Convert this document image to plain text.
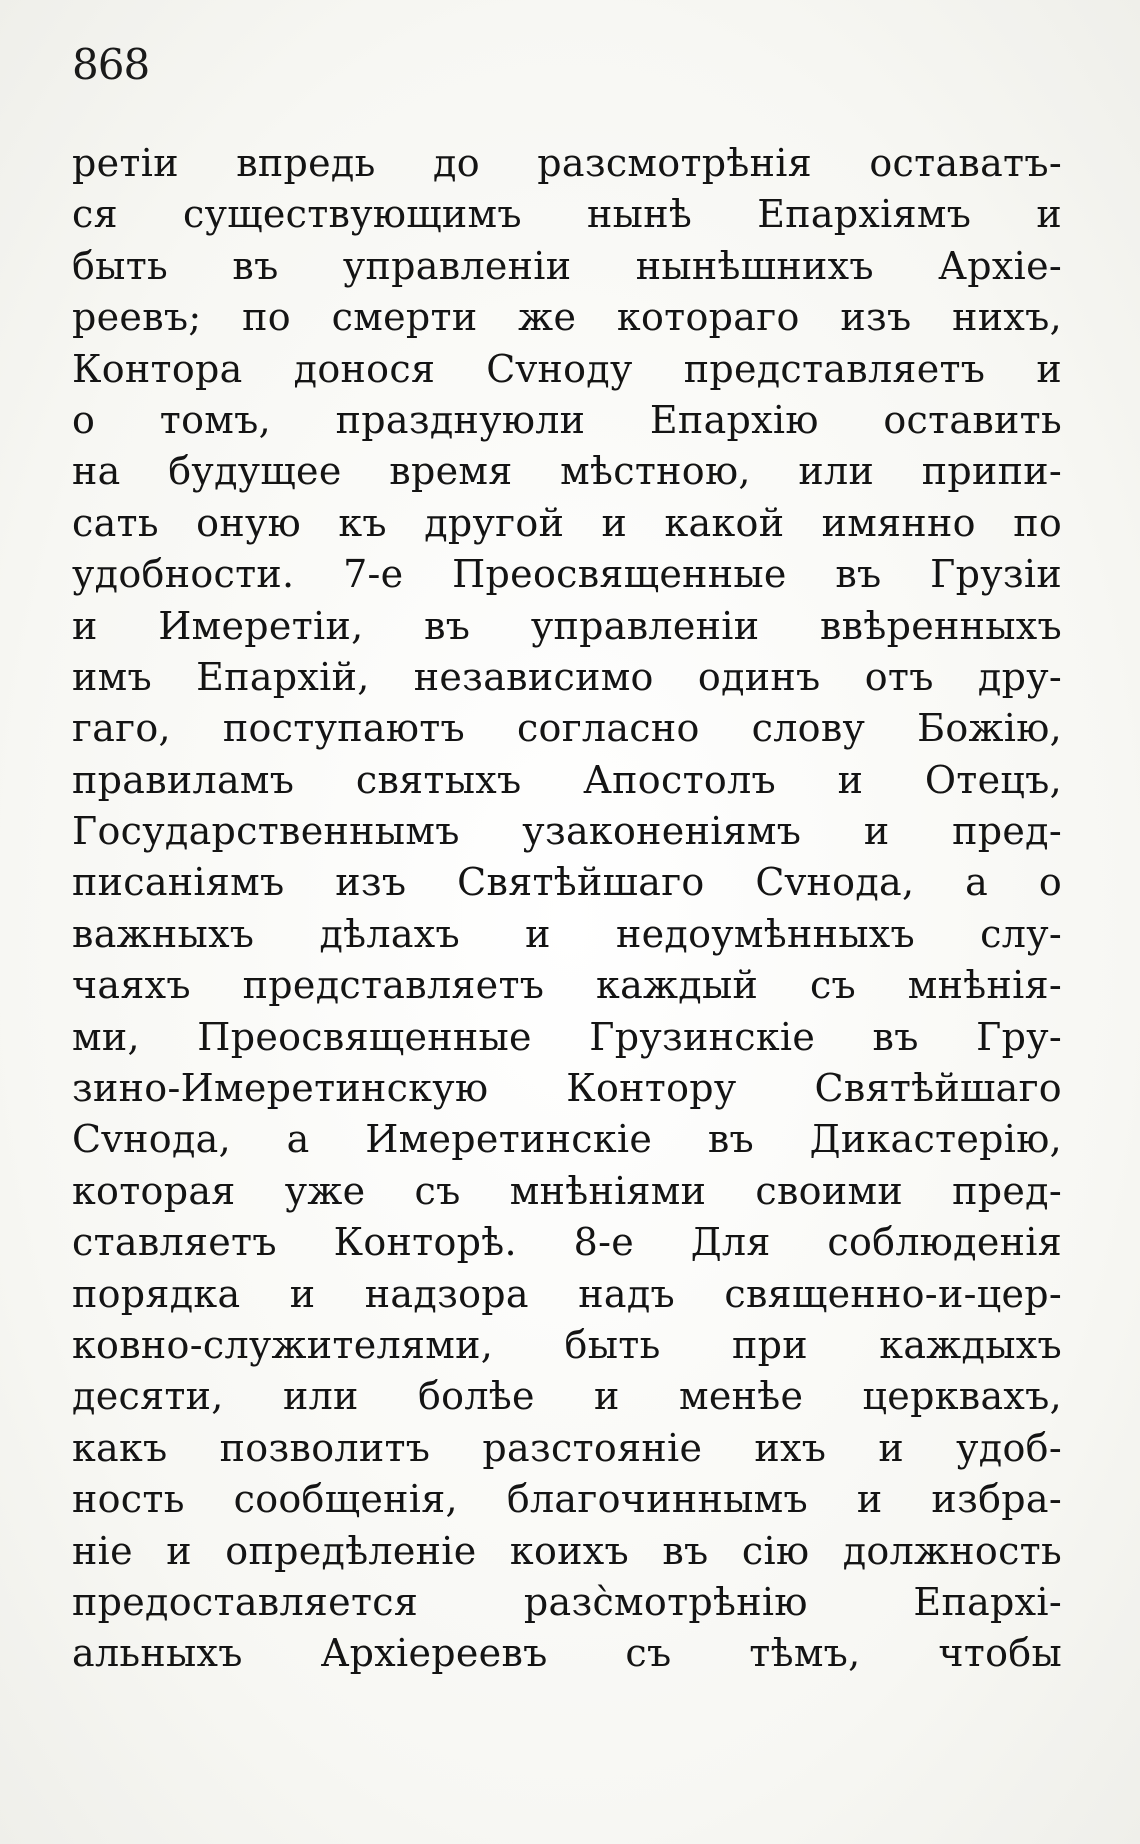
868
ретіи впредь до разсмотрѣнія оставатъ-
ся существующимъ нынѣ Епархіямъ и
быть въ управленіи нынѣшнихъ Архіе-
реевъ; по смерти же котораго изъ нихъ,
Контора донося Сvноду представляетъ и
о томъ, празднуюли Епархію оставить
на будущее время мѣстною, или припи-
сать оную къ другой и какой имянно по
удобности. 7-е Преосвященные въ Грузіи
и Имеретіи, въ управленіи ввѣренныхъ
имъ Епархій, независимо одинъ отъ дру-
гаго, поступаютъ согласно слову Божію,
правиламъ святыхъ Апостолъ и Отецъ,
Государственнымъ узаконеніямъ и пред-
писаніямъ изъ Святѣйшаго Сvнода, а о
важныхъ дѣлахъ и недоумѣнныхъ слу-
чаяхъ представляетъ каждый съ мнѣнія-
ми, Преосвященные Грузинскіе въ Гру-
зино-Имеретинскую Контору Святѣйшаго
Сvнода, а Имеретинскіе въ Дикастерію,
которая уже съ мнѣніями своими пред-
ставляетъ Конторѣ. 8-е Для соблюденія
порядка и надзора надъ священно-и-цер-
ковно-служителями, быть при каждыхъ
десяти, или болѣе и менѣе церквахъ,
какъ позволитъ разстояніе ихъ и удоб-
ность сообщенія, благочиннымъ и избра-
ніе и опредѣленіе коихъ въ сію должность
предоставляется разс̀мотрѣнію Епархі-
альныхъ Архіереевъ съ тѣмъ, чтобы
